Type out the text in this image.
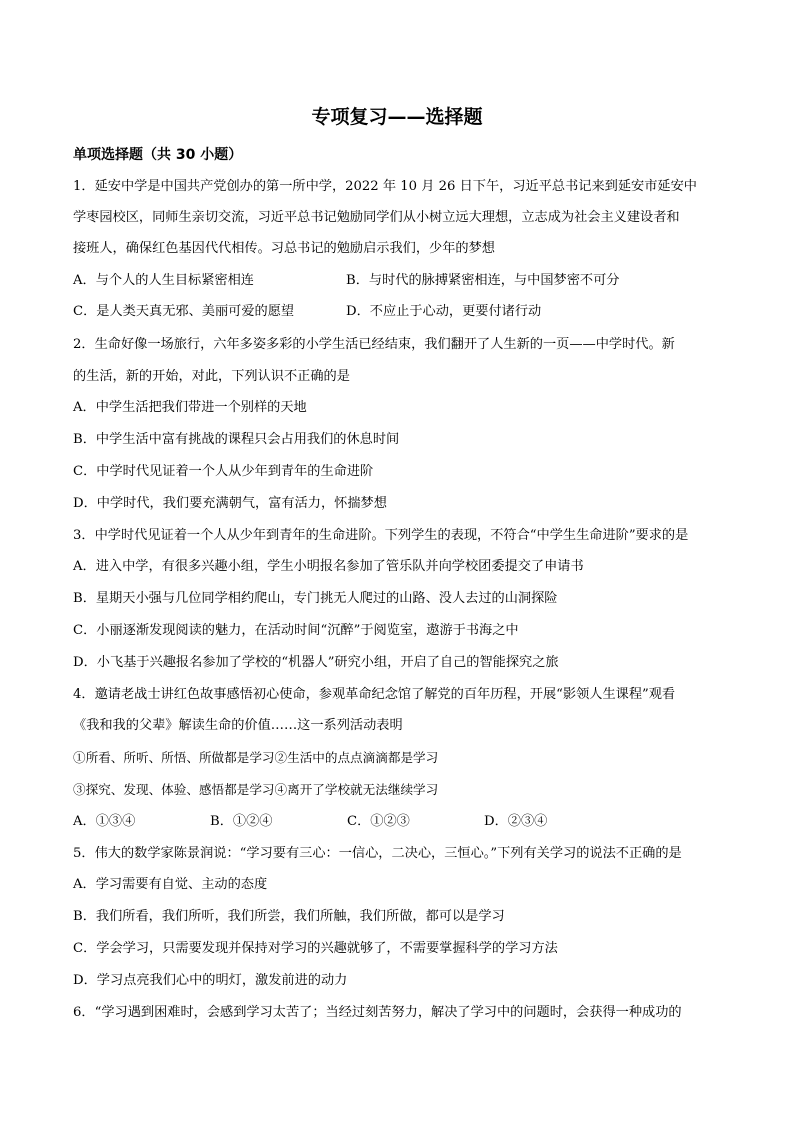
专项复习——选择题
单项选择题（共 30 小题）
1．延安中学是中国共产党创办的第一所中学，2022 年 10 月 26 日下午，习近平总书记来到延安市延安中
学枣园校区，同师生亲切交流，习近平总书记勉励同学们从小树立远大理想，立志成为社会主义建设者和
接班人，确保红色基因代代相传。习总书记的勉励启示我们，少年的梦想
A．与个人的人生目标紧密相连	B．与时代的脉搏紧密相连，与中国梦密不可分
C．是人类天真无邪、美丽可爱的愿望	D．不应止于心动，更要付诸行动
2．生命好像一场旅行，六年多姿多彩的小学生活已经结束，我们翻开了人生新的一页——中学时代。新
的生活，新的开始，对此，下列认识不正确的是
A．中学生活把我们带进一个别样的天地
B．中学生活中富有挑战的课程只会占用我们的休息时间
C．中学时代见证着一个人从少年到青年的生命进阶
D．中学时代，我们要充满朝气，富有活力，怀揣梦想
3．中学时代见证着一个人从少年到青年的生命进阶。下列学生的表现，不符合“中学生生命进阶”要求的是
A．进入中学，有很多兴趣小组，学生小明报名参加了管乐队并向学校团委提交了申请书
B．星期天小强与几位同学相约爬山，专门挑无人爬过的山路、没人去过的山洞探险
C．小丽逐渐发现阅读的魅力，在活动时间“沉醉”于阅览室，遨游于书海之中
D．小飞基于兴趣报名参加了学校的“机器人”研究小组，开启了自己的智能探究之旅
4．邀请老战士讲红色故事感悟初心使命，参观革命纪念馆了解党的百年历程，开展“影领人生课程”观看
《我和我的父辈》解读生命的价值……这一系列活动表明
①所看、所听、所悟、所做都是学习②生活中的点点滴滴都是学习
③探究、发现、体验、感悟都是学习④离开了学校就无法继续学习
A．①③④	B．①②④	C．①②③	D．②③④
5．伟大的数学家陈景润说：“学习要有三心：一信心，二决心，三恒心。”下列有关学习的说法不正确的是
A．学习需要有自觉、主动的态度
B．我们所看，我们所听，我们所尝，我们所触，我们所做，都可以是学习
C．学会学习，只需要发现并保持对学习的兴趣就够了，不需要掌握科学的学习方法
D．学习点亮我们心中的明灯，激发前进的动力
6．“学习遇到困难时，会感到学习太苦了；当经过刻苦努力，解决了学习中的问题时，会获得一种成功的
